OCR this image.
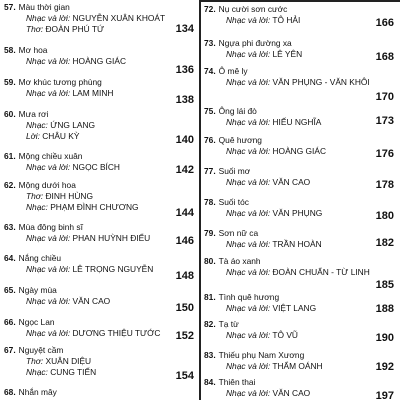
57. Màu thời gian
Nhạc và lời: NGUYỄN XUÂN KHOÁT
Thơ: ĐOÀN PHÚ TỨ	134
58. Mơ hoa
Nhạc và lời: HOÀNG GIÁC
136
59. Mơ khúc tương phùng
Nhạc và lời: LAM MINH
138
60. Mưa rơi
Nhạc: ỨNG LANG
Lời: CHÂU KỲ	140
61. Mộng chiều xuân
Nhạc và lời: NGỌC BÍCH	142
62. Mộng dưới hoa
Thơ: ĐINH HÙNG
Nhạc: PHẠM ĐÌNH CHƯƠNG	144
63. Mùa đông binh sĩ
Nhạc và lời: PHAN HUỲNH ĐIỂU	146
64. Nắng chiều
Nhạc và lời: LÊ TRỌNG NGUYỄN
148
65. Ngày mùa
Nhạc và lời: VĂN CAO
150
66. Ngọc Lan
Nhạc và lời: DƯƠNG THIỆU TƯỚC	152
67. Nguyệt cầm
Thơ: XUÂN DIỆU
Nhạc: CUNG TIẾN	154
68. Nhắn mây
72. Nụ cười sơn cước
Nhạc và lời: TÔ HẢI	166
73. Ngựa phi đường xa
Nhạc và lời: LÊ YÊN	168
74. Ô mê ly
Nhạc và lời: VĂN PHỤNG - VĂN KHÔI
170
75. Ông lái đò
Nhạc và lời: HIẾU NGHĨA	173
76. Quê hương
Nhạc và lời: HOÀNG GIÁC	176
77. Suối mơ
Nhạc và lời: VĂN CAO	178
78. Suối tóc
Nhạc và lời: VĂN PHỤNG	180
79. Sơn nữ ca
Nhạc và lời: TRẦN HOÀN	182
80. Tà áo xanh
Nhạc và lời: ĐOÀN CHUẨN - TỪ LINH
185
81. Tình quê hương
Nhạc và lời: VIỆT LANG	188
82. Tạ từ
Nhạc và lời: TÔ VŨ	190
83. Thiếu phụ Nam Xương
Nhạc và lời: THẨM OÁNH	192
84. Thiên thai
Nhạc và lời: VĂN CAO	197
